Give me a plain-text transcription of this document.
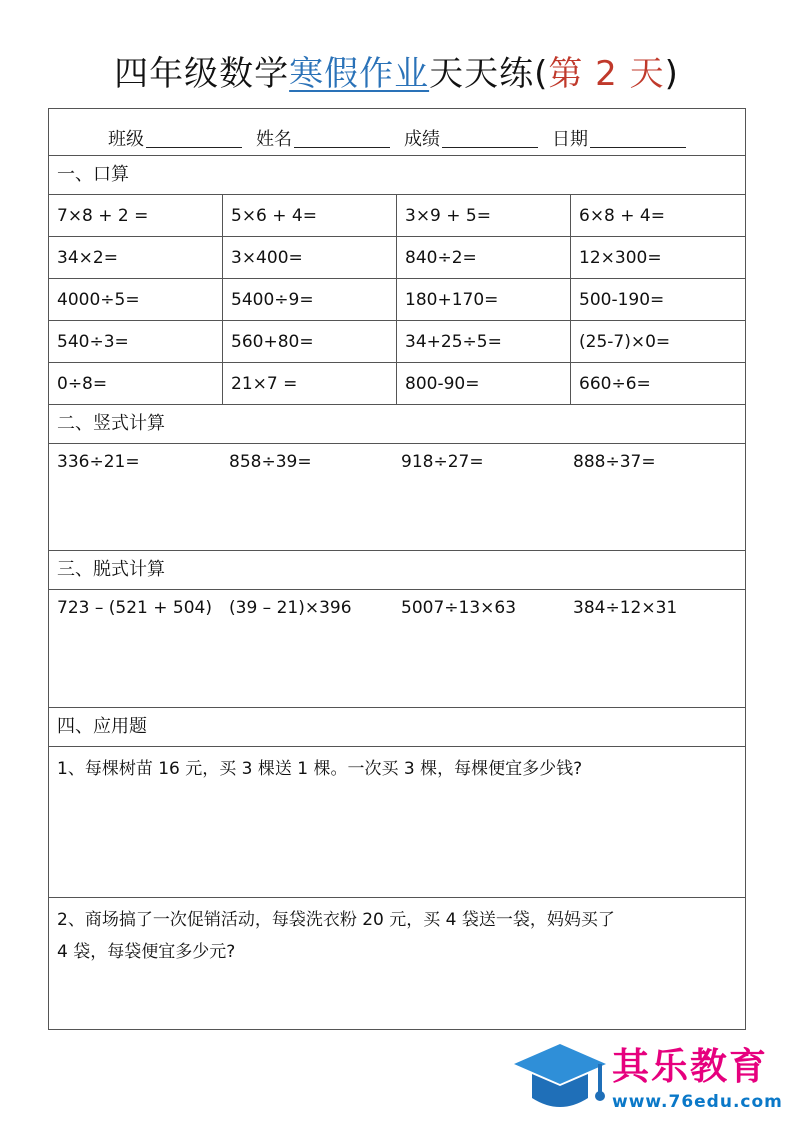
四年级数学寒假作业天天练(第 2 天)
班级	姓名	成绩	日期
一、口算
7×8 + 2 =	5×6 + 4=	3×9 + 5=	6×8 + 4=
34×2=	3×400=	840÷2=	12×300=
4000÷5=	5400÷9=	180+170=	500-190=
540÷3=	560+80=	34+25÷5=	(25-7)×0=
0÷8=	21×7 =	800-90=	660÷6=
二、竖式计算
336÷21=	858÷39=	918÷27=	888÷37=
三、脱式计算
723 – (521 + 504)	(39 – 21)×396	5007÷13×63	384÷12×31
四、应用题
1、每棵树苗 16 元，买 3 棵送 1 棵。一次买 3 棵，每棵便宜多少钱?
2、商场搞了一次促销活动，每袋洗衣粉 20 元，买 4 袋送一袋，妈妈买了
4 袋，每袋便宜多少元?
其乐教育
www.76edu.com
